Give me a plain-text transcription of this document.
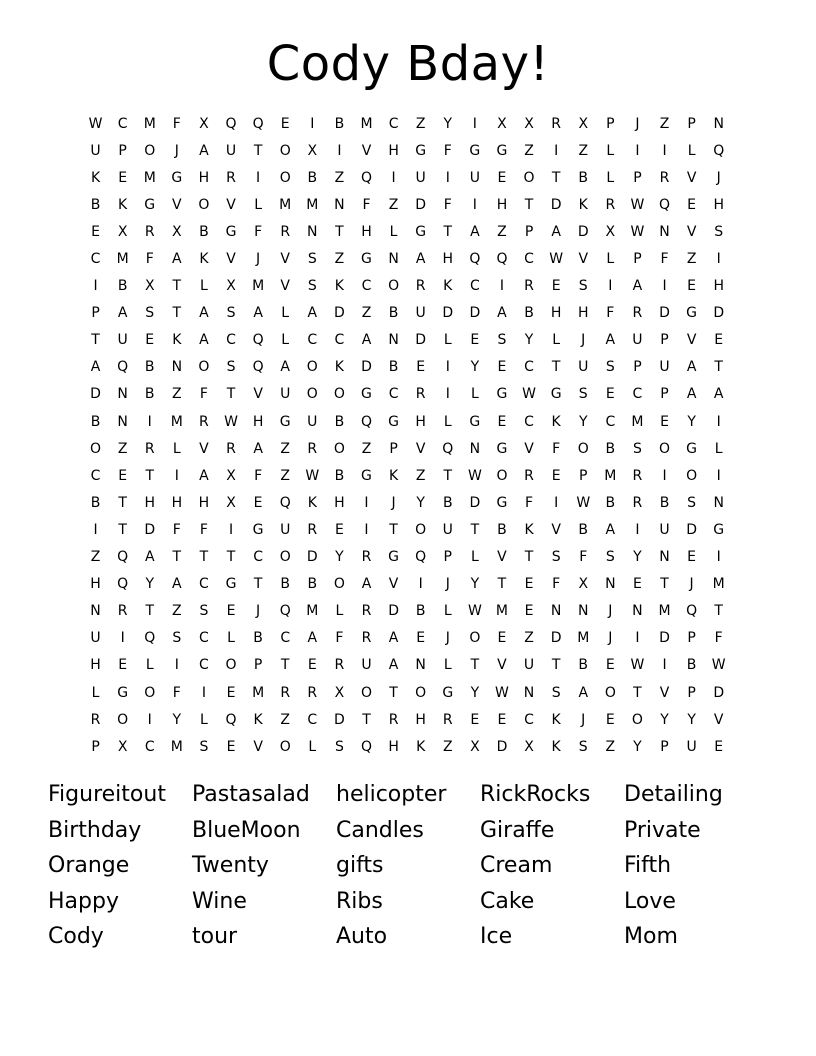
Cody Bday!
W	C	M	F	X	Q	Q	E	I	B	M	C	Z	Y	I	X	X	R	X	P	J	Z	P	N
U	P	O	J	A	U	T	O	X	I	V	H	G	F	G	G	Z	I	Z	L	I	I	L	Q
K	E	M	G	H	R	I	O	B	Z	Q	I	U	I	U	E	O	T	B	L	P	R	V	J
B	K	G	V	O	V	L	M	M	N	F	Z	D	F	I	H	T	D	K	R	W	Q	E	H
E	X	R	X	B	G	F	R	N	T	H	L	G	T	A	Z	P	A	D	X	W	N	V	S
C	M	F	A	K	V	J	V	S	Z	G	N	A	H	Q	Q	C	W	V	L	P	F	Z	I
I	B	X	T	L	X	M	V	S	K	C	O	R	K	C	I	R	E	S	I	A	I	E	H
P	A	S	T	A	S	A	L	A	D	Z	B	U	D	D	A	B	H	H	F	R	D	G	D
T	U	E	K	A	C	Q	L	C	C	A	N	D	L	E	S	Y	L	J	A	U	P	V	E
A	Q	B	N	O	S	Q	A	O	K	D	B	E	I	Y	E	C	T	U	S	P	U	A	T
D	N	B	Z	F	T	V	U	O	O	G	C	R	I	L	G	W	G	S	E	C	P	A	A
B	N	I	M	R	W	H	G	U	B	Q	G	H	L	G	E	C	K	Y	C	M	E	Y	I
O	Z	R	L	V	R	A	Z	R	O	Z	P	V	Q	N	G	V	F	O	B	S	O	G	L
C	E	T	I	A	X	F	Z	W	B	G	K	Z	T	W	O	R	E	P	M	R	I	O	I
B	T	H	H	H	X	E	Q	K	H	I	J	Y	B	D	G	F	I	W	B	R	B	S	N
I	T	D	F	F	I	G	U	R	E	I	T	O	U	T	B	K	V	B	A	I	U	D	G
Z	Q	A	T	T	T	C	O	D	Y	R	G	Q	P	L	V	T	S	F	S	Y	N	E	I
H	Q	Y	A	C	G	T	B	B	O	A	V	I	J	Y	T	E	F	X	N	E	T	J	M
N	R	T	Z	S	E	J	Q	M	L	R	D	B	L	W	M	E	N	N	J	N	M	Q	T
U	I	Q	S	C	L	B	C	A	F	R	A	E	J	O	E	Z	D	M	J	I	D	P	F
H	E	L	I	C	O	P	T	E	R	U	A	N	L	T	V	U	T	B	E	W	I	B	W
L	G	O	F	I	E	M	R	R	X	O	T	O	G	Y	W	N	S	A	O	T	V	P	D
R	O	I	Y	L	Q	K	Z	C	D	T	R	H	R	E	E	C	K	J	E	O	Y	Y	V
P	X	C	M	S	E	V	O	L	S	Q	H	K	Z	X	D	X	K	S	Z	Y	P	U	E
Figureitout	Pastasalad	helicopter	RickRocks	Detailing
Birthday	BlueMoon	Candles	Giraffe	Private
Orange	Twenty	gifts	Cream	Fifth
Happy	Wine	Ribs	Cake	Love
Cody	tour	Auto	Ice	Mom
